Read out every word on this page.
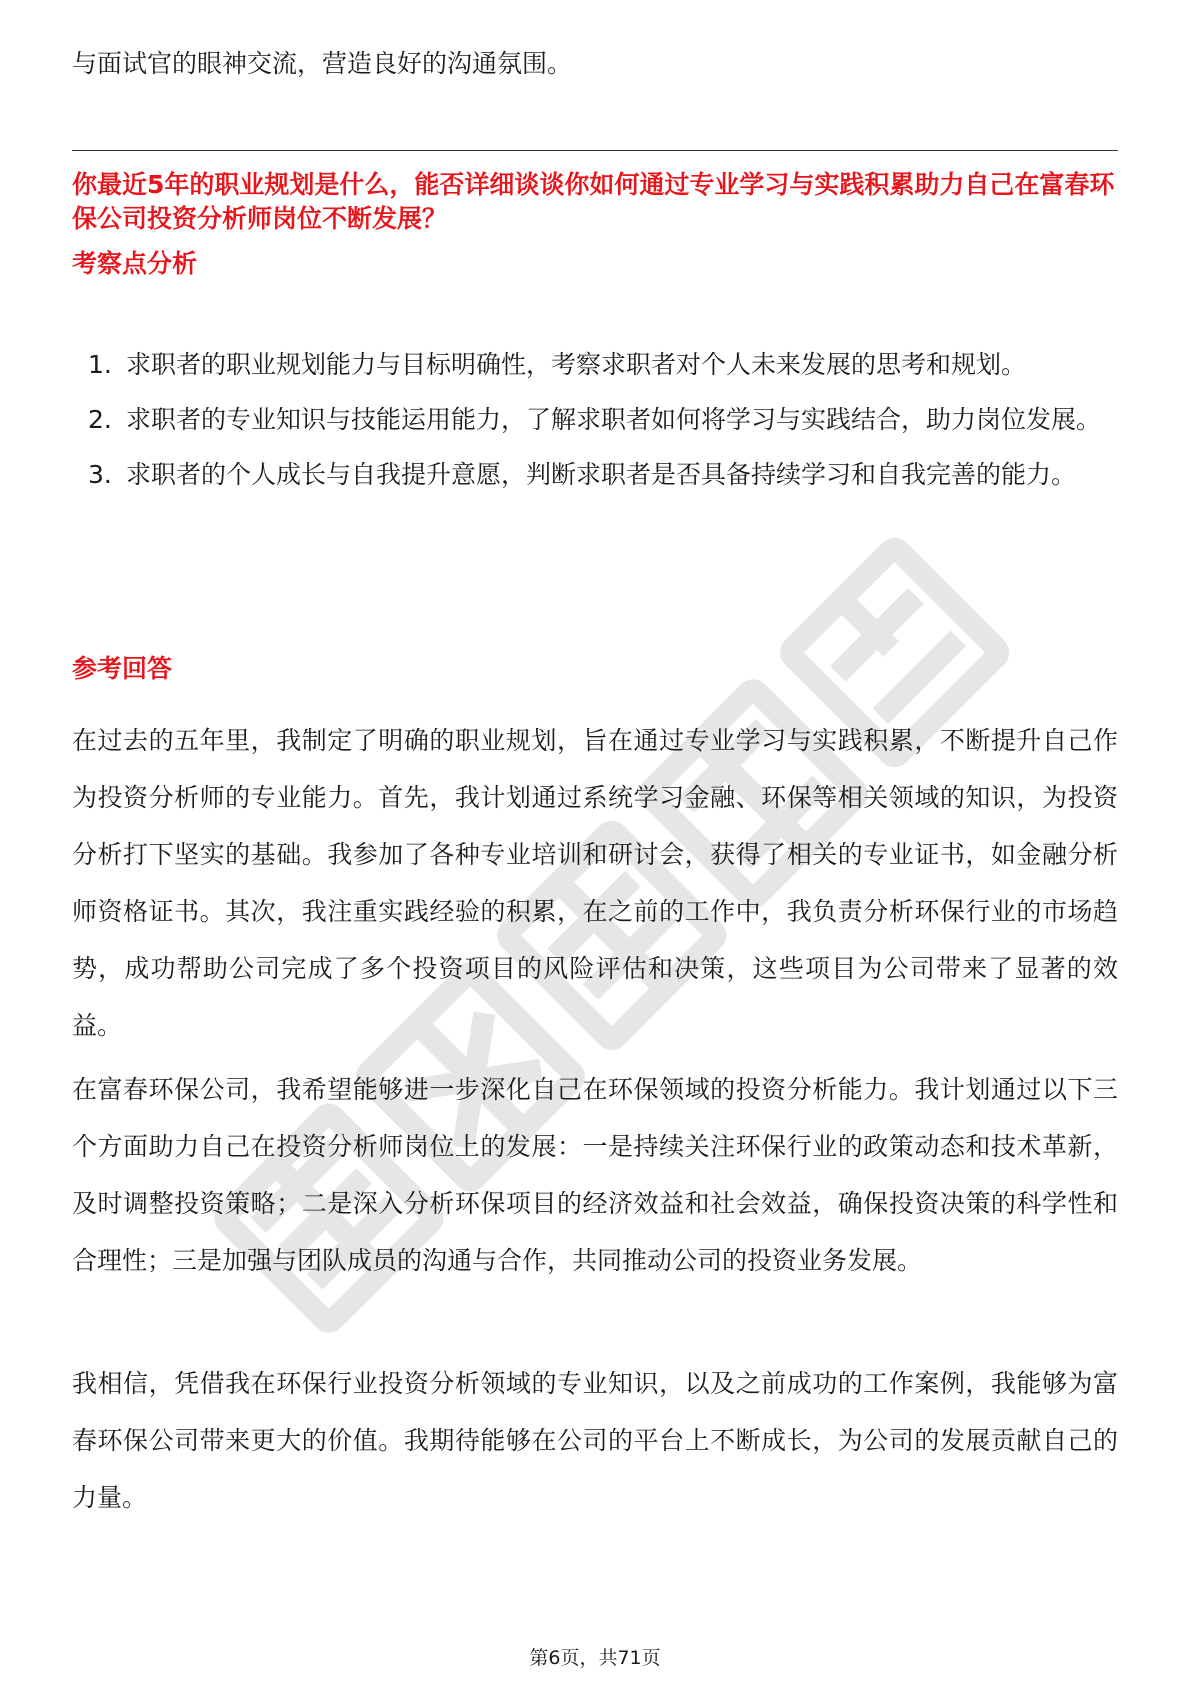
与面试官的眼神交流，营造良好的沟通氛围。
你最近5年的职业规划是什么，能否详细谈谈你如何通过专业学习与实践积累助力自己在富春环保公司投资分析师岗位不断发展？
考察点分析
1. 求职者的职业规划能力与目标明确性，考察求职者对个人未来发展的思考和规划。
2. 求职者的专业知识与技能运用能力，了解求职者如何将学习与实践结合，助力岗位发展。
3. 求职者的个人成长与自我提升意愿，判断求职者是否具备持续学习和自我完善的能力。
参考回答

在过去的五年里，我制定了明确的职业规划，旨在通过专业学习与实践积累，不断提升自己作为投资分析师的专业能力。首先，我计划通过系统学习金融、环保等相关领域的知识，为投资分析打下坚实的基础。我参加了各种专业培训和研讨会，获得了相关的专业证书，如金融分析师资格证书。其次，我注重实践经验的积累，在之前的工作中，我负责分析环保行业的市场趋势，成功帮助公司完成了多个投资项目的风险评估和决策，这些项目为公司带来了显著的效益。

在富春环保公司，我希望能够进一步深化自己在环保领域的投资分析能力。我计划通过以下三个方面助力自己在投资分析师岗位上的发展：一是持续关注环保行业的政策动态和技术革新，及时调整投资策略；二是深入分析环保项目的经济效益和社会效益，确保投资决策的科学性和合理性；三是加强与团队成员的沟通与合作，共同推动公司的投资业务发展。

我相信，凭借我在环保行业投资分析领域的专业知识，以及之前成功的工作案例，我能够为富春环保公司带来更大的价值。我期待能够在公司的平台上不断成长，为公司的发展贡献自己的力量。

第6页，共71页
